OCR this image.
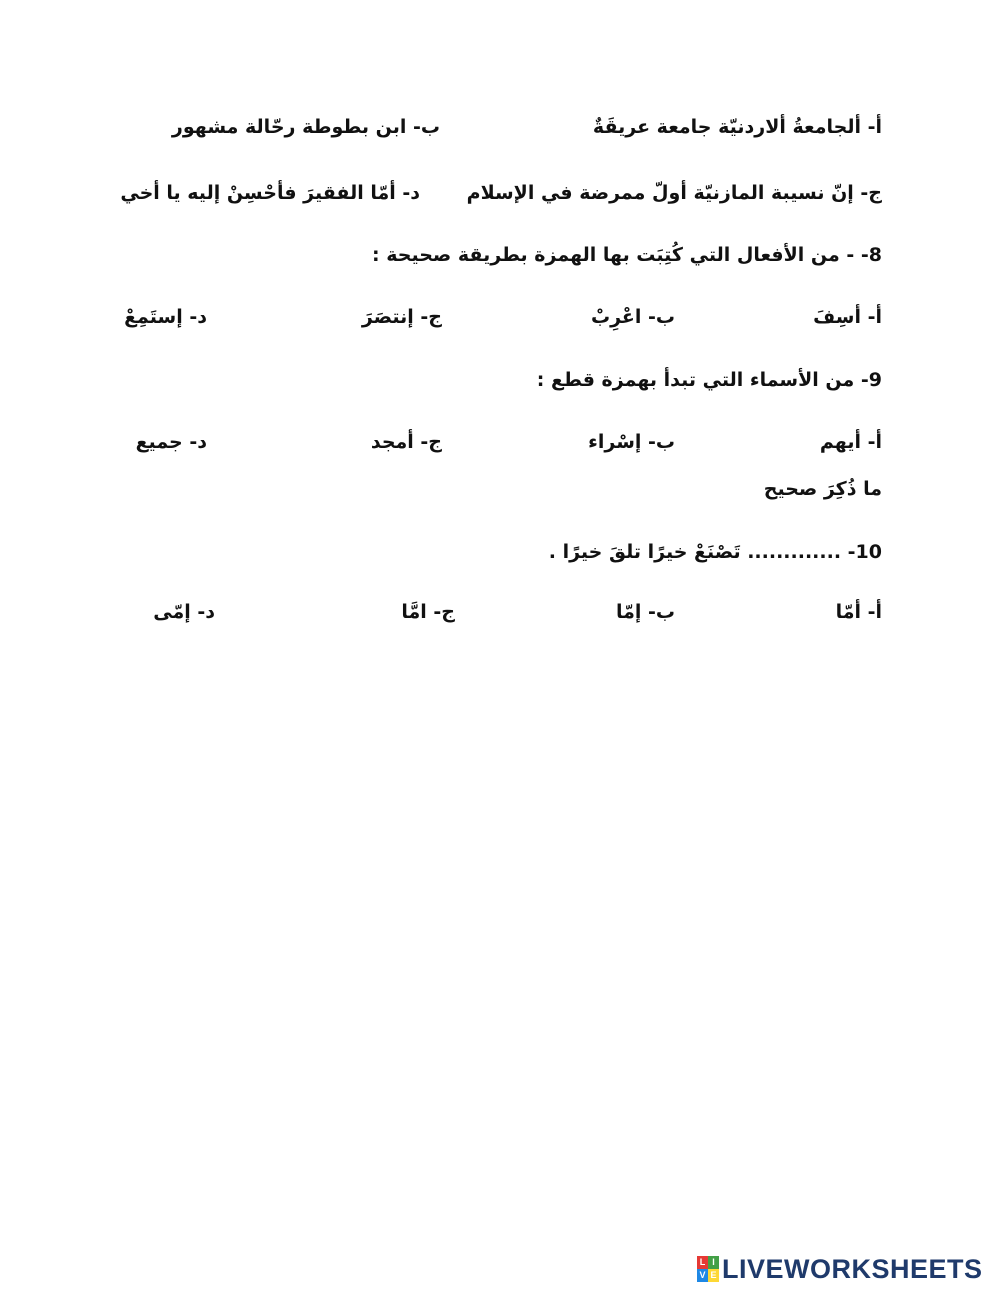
أ- ألجامعةُ ألاردنيّة جامعة عريقَةٌ
ب- ابن بطوطة رحّالة مشهور
ج- إنّ نسيبة المازنيّة أولّ ممرضة في الإسلام
د- أمّا الفقيرَ فأحْسِنْ إليه يا أخي
8- - من الأفعال التي كُتِبَت بها الهمزة بطريقة صحيحة :
أ- أسِفَ
ب- اعْرِبْ
ج- إنتصَرَ
د- إستَمِعْ
9- من الأسماء التي تبدأ بهمزة قطع :
أ- أيهم
ب- إسْراء
ج- أمجد
د- جميع
ما ذُكِرَ صحيح
10- ............. تَصْنَعْ خيرًا تلقَ خيرًا .
أ- أمّا
ب- إمّا
ج- امَّا
د- إمّى
L I
V E LIVEWORKSHEETS
